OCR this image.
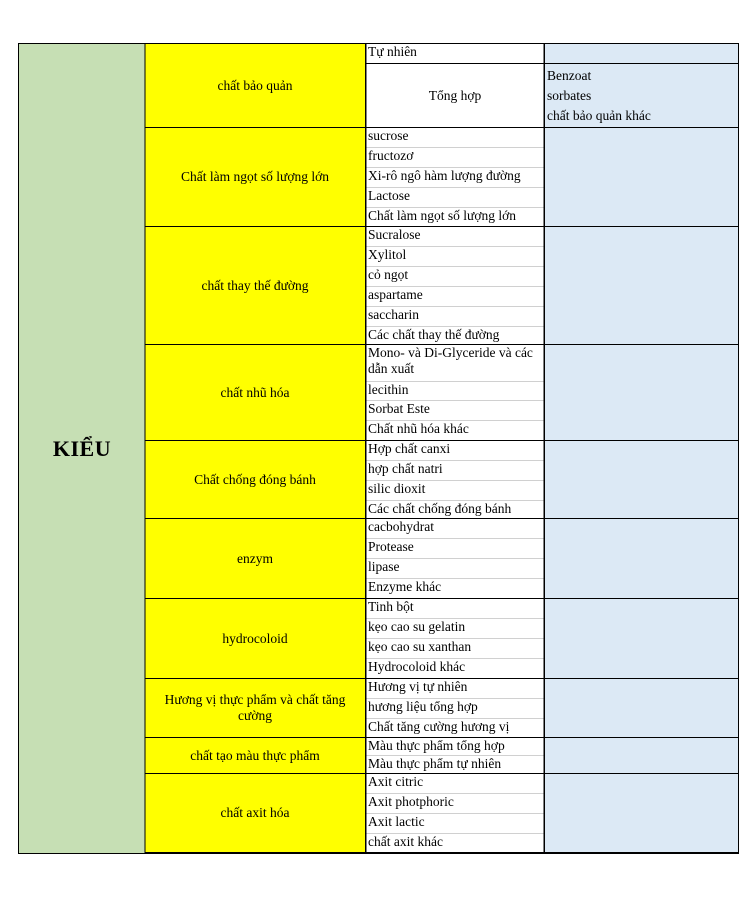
KIỂU
chất bảo quản
Tự nhiên
Tổng hợp
Benzoat
sorbates
chất bảo quản khác
Chất làm ngọt số lượng lớn
sucrose
fructozơ
Xi-rô ngô hàm lượng đường
Lactose
Chất làm ngọt số lượng lớn
chất thay thế đường
Sucralose
Xylitol
cỏ ngọt
aspartame
saccharin
Các chất thay thế đường
chất nhũ hóa
Mono- và Di-Glyceride và các dẫn xuất
lecithin
Sorbat Este
Chất nhũ hóa khác
Chất chống đóng bánh
Hợp chất canxi
hợp chất natri
silic dioxit
Các chất chống đóng bánh
enzym
cacbohydrat
Protease
lipase
Enzyme khác
hydrocoloid
Tinh bột
kẹo cao su gelatin
kẹo cao su xanthan
Hydrocoloid khác
Hương vị thực phẩm và chất tăng cường
Hương vị tự nhiên
hương liệu tổng hợp
Chất tăng cường hương vị
chất tạo màu thực phẩm
Màu thực phẩm tổng hợp
Màu thực phẩm tự nhiên
chất axit hóa
Axit citric
Axit photphoric
Axit lactic
chất axit khác
